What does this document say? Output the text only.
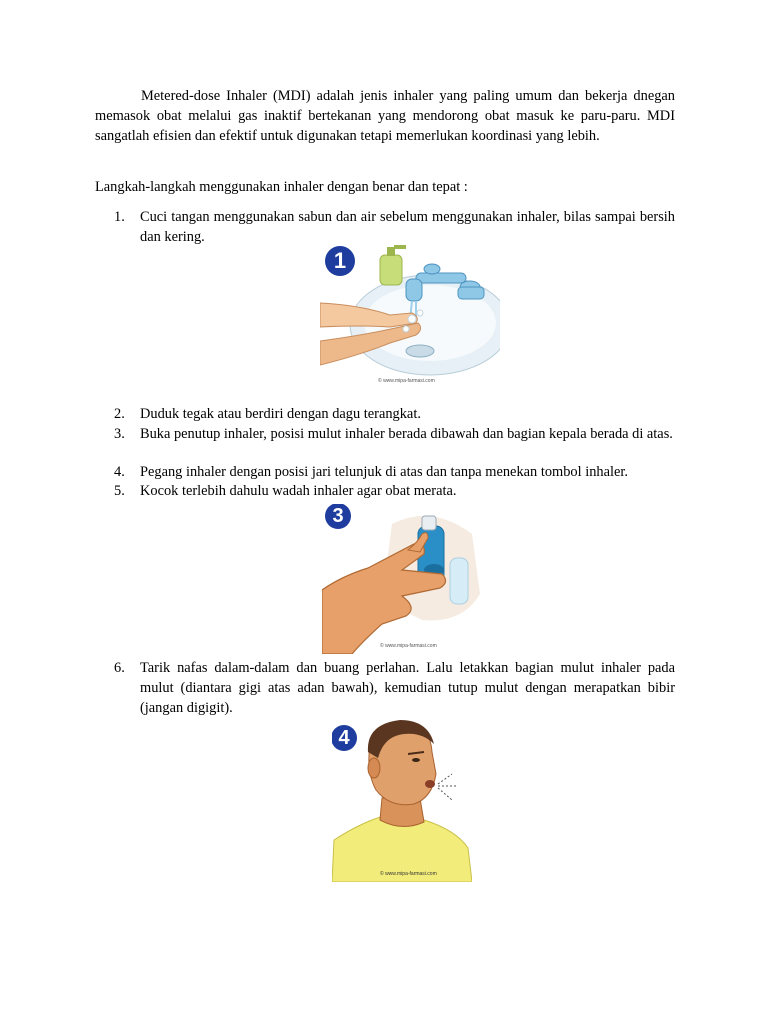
Metered-dose Inhaler (MDI) adalah jenis inhaler yang paling umum dan bekerja dnegan memasok obat melalui gas inaktif bertekanan yang mendorong obat masuk ke paru-paru. MDI sangatlah efisien dan efektif untuk digunakan tetapi memerlukan koordinasi yang lebih.

Langkah-langkah menggunakan inhaler dengan benar dan tepat :

1.	Cuci tangan menggunakan sabun dan air sebelum menggunakan inhaler, bilas sampai bersih dan kering.
1
© www.mipa-farmasi.com
2.	Duduk tegak atau berdiri dengan dagu terangkat.
3.	Buka penutup inhaler, posisi mulut inhaler berada dibawah dan bagian kepala berada di atas.
4.	Pegang inhaler dengan posisi jari telunjuk di atas dan tanpa menekan tombol inhaler.
5.	Kocok terlebih dahulu wadah inhaler agar obat merata.
3
© www.mipa-farmasi.com
6.	Tarik nafas dalam-dalam dan buang perlahan. Lalu letakkan bagian mulut inhaler pada mulut (diantara gigi atas adan bawah), kemudian tutup mulut dengan merapatkan bibir (jangan digigit).
4
© www.mipa-farmasi.com
